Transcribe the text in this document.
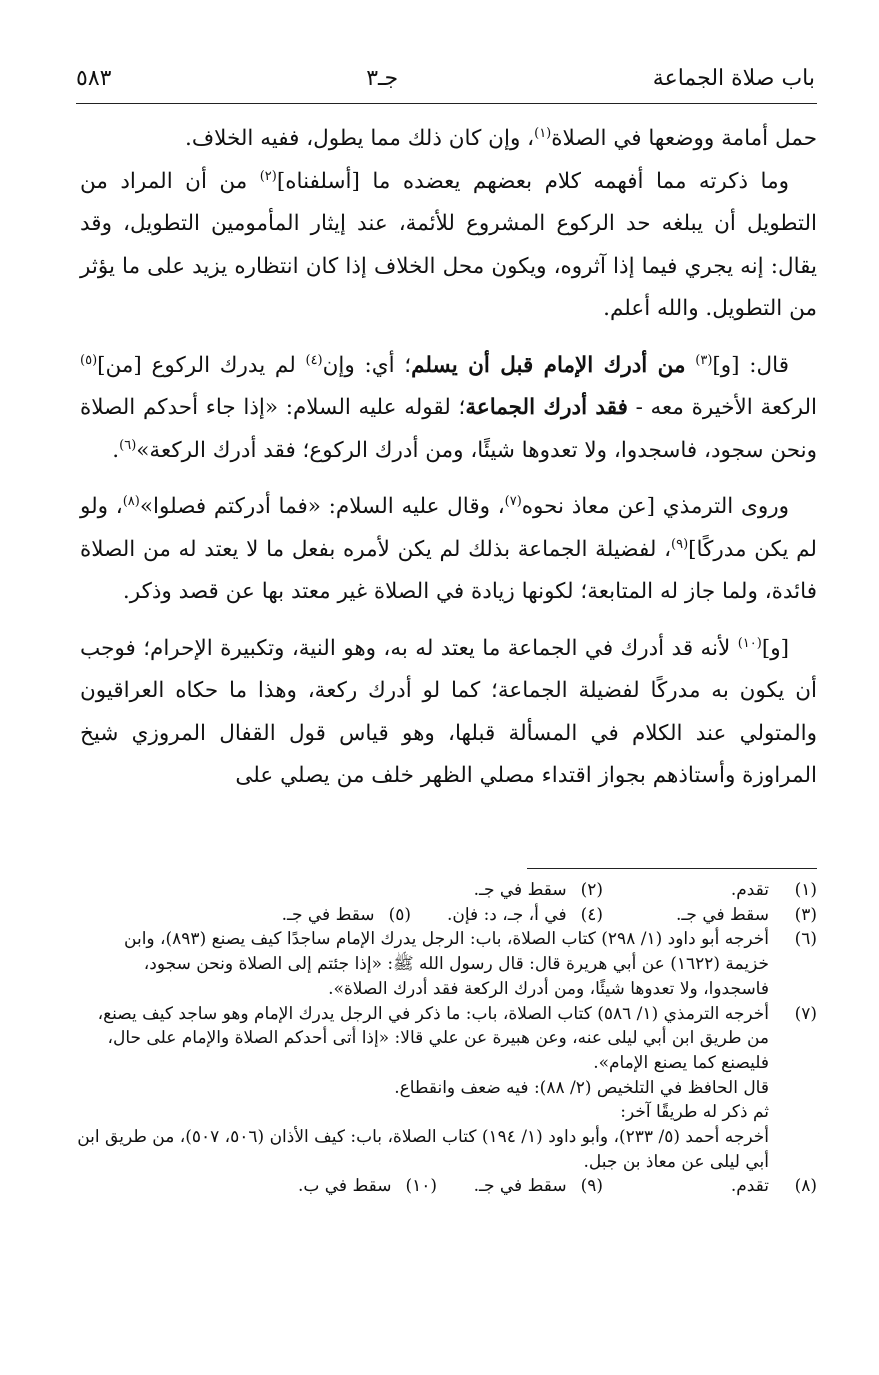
باب صلاة الجماعة
جـ٣
٥٨٣

حمل أمامة ووضعها في الصلاة$^{(١)}$، وإن كان ذلك مما يطول، ففيه الخلاف.

وما ذكرته مما أفهمه كلام بعضهم يعضده ما [أسلفناه]$^{(٢)}$ من أن المراد من التطويل أن يبلغه حد الركوع المشروع للأئمة، عند إيثار المأمومين التطويل، وقد يقال: إنه يجري فيما إذا آثروه، ويكون محل الخلاف إذا كان انتظاره يزيد على ما يؤثر من التطويل. والله أعلم.

قال: [و]$^{(٣)}$ من أدرك الإمام قبل أن يسلم؛ أي: وإن$^{(٤)}$ لم يدرك الركوع [من]$^{(٥)}$ الركعة الأخيرة معه - فقد أدرك الجماعة؛ لقوله عليه السلام: «إذا جاء أحدكم الصلاة ونحن سجود، فاسجدوا، ولا تعدوها شيئًا، ومن أدرك الركوع؛ فقد أدرك الركعة»$^{(٦)}$.

وروى الترمذي [عن معاذ نحوه$^{(٧)}$، وقال عليه السلام: «فما أدركتم فصلوا»$^{(٨)}$، ولو لم يكن مدركًا]$^{(٩)}$، لفضيلة الجماعة بذلك لم يكن لأمره بفعل ما لا يعتد له من الصلاة فائدة، ولما جاز له المتابعة؛ لكونها زيادة في الصلاة غير معتد بها عن قصد وذكر.

[و]$^{(١٠)}$ لأنه قد أدرك في الجماعة ما يعتد له به، وهو النية، وتكبيرة الإحرام؛ فوجب أن يكون به مدركًا لفضيلة الجماعة؛ كما لو أدرك ركعة، وهذا ما حكاه العراقيون والمتولي عند الكلام في المسألة قبلها، وهو قياس قول القفال المروزي شيخ المراوزة وأستاذهم بجواز اقتداء مصلي الظهر خلف من يصلي على

(١)
تقدم.(٢)سقط في جـ.
(٣)
سقط في جـ.(٤)في أ، جـ، د: فإن.(٥)سقط في جـ.
(٦)
أخرجه أبو داود (١/ ٢٩٨) كتاب الصلاة، باب: الرجل يدرك الإمام ساجدًا كيف يصنع (٨٩٣)، وابن خزيمة (١٦٢٢) عن أبي هريرة قال: قال رسول الله ﷺ: «إذا جئتم إلى الصلاة ونحن سجود، فاسجدوا، ولا تعدوها شيئًا، ومن أدرك الركعة فقد أدرك الصلاة».
(٧)
أخرجه الترمذي (١/ ٥٨٦) كتاب الصلاة، باب: ما ذكر في الرجل يدرك الإمام وهو ساجد كيف يصنع، من طريق ابن أبي ليلى عنه، وعن هبيرة عن علي قالا: «إذا أتى أحدكم الصلاة والإمام على حال، فليصنع كما يصنع الإمام».
قال الحافظ في التلخيص (٢/ ٨٨): فيه ضعف وانقطاع.
ثم ذكر له طريقًا آخر:
أخرجه أحمد (٥/ ٢٣٣)، وأبو داود (١/ ١٩٤) كتاب الصلاة، باب: كيف الأذان (٥٠٦، ٥٠٧)، من طريق ابن أبي ليلى عن معاذ بن جبل.
(٨)
تقدم.(٩)سقط في جـ.(١٠)سقط في ب.
